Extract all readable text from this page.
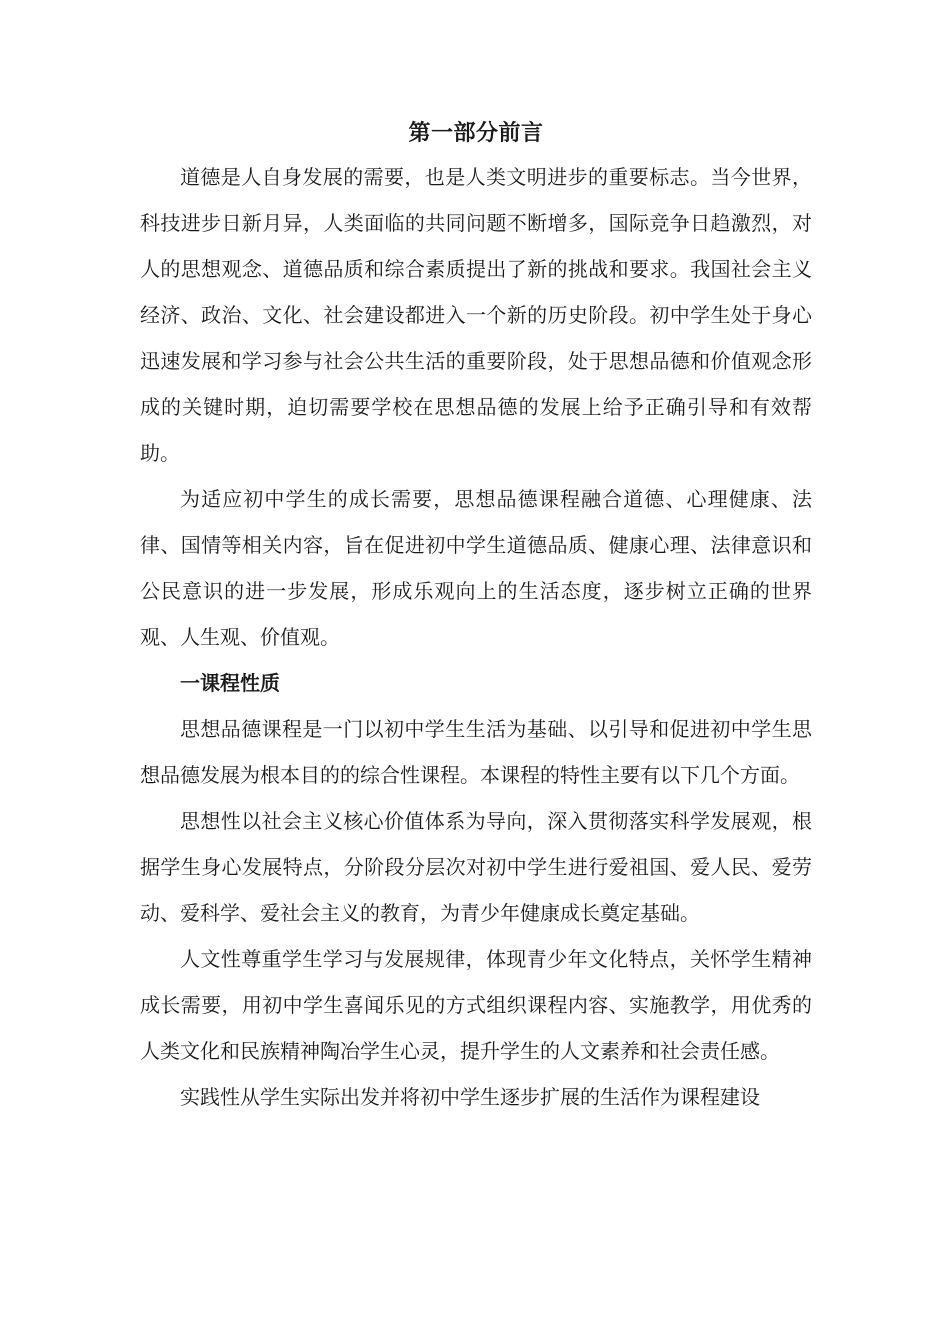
第一部分前言

道德是人自身发展的需要，也是人类文明进步的重要标志。当今世界，科技进步日新月异，人类面临的共同问题不断增多，国际竞争日趋激烈，对人的思想观念、道德品质和综合素质提出了新的挑战和要求。我国社会主义经济、政治、文化、社会建设都进入一个新的历史阶段。初中学生处于身心迅速发展和学习参与社会公共生活的重要阶段，处于思想品德和价值观念形成的关键时期，迫切需要学校在思想品德的发展上给予正确引导和有效帮助。

为适应初中学生的成长需要，思想品德课程融合道德、心理健康、法律、国情等相关内容，旨在促进初中学生道德品质、健康心理、法律意识和公民意识的进一步发展，形成乐观向上的生活态度，逐步树立正确的世界观、人生观、价值观。

一课程性质

思想品德课程是一门以初中学生生活为基础、以引导和促进初中学生思想品德发展为根本目的的综合性课程。本课程的特性主要有以下几个方面。

思想性以社会主义核心价值体系为导向，深入贯彻落实科学发展观，根据学生身心发展特点，分阶段分层次对初中学生进行爱祖国、爱人民、爱劳动、爱科学、爱社会主义的教育，为青少年健康成长奠定基础。

人文性尊重学生学习与发展规律，体现青少年文化特点，关怀学生精神成长需要，用初中学生喜闻乐见的方式组织课程内容、实施教学，用优秀的人类文化和民族精神陶冶学生心灵，提升学生的人文素养和社会责任感。

实践性从学生实际出发并将初中学生逐步扩展的生活作为课程建设
